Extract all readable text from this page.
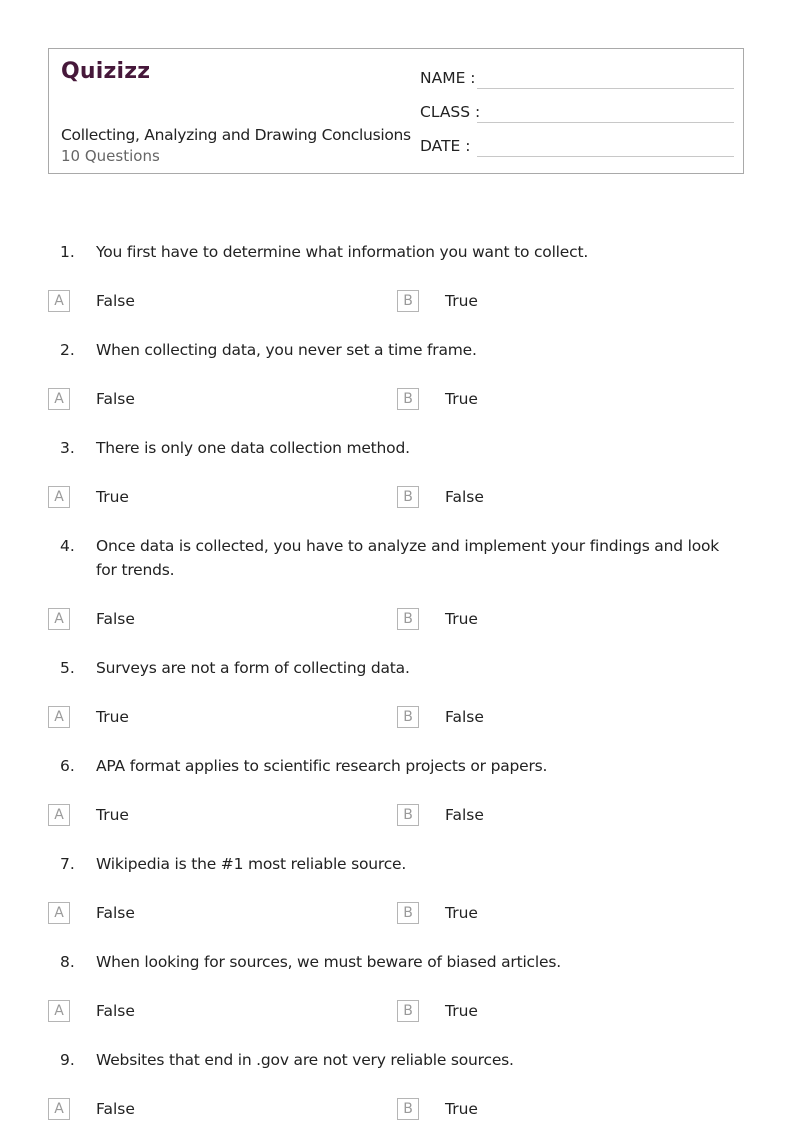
Quizizz
Collecting, Analyzing and Drawing Conclusions
10 Questions
NAME :
CLASS :
DATE :
1. You first have to determine what information you want to collect.
A	False	B	True
2. When collecting data, you never set a time frame.
A	False	B	True
3. There is only one data collection method.
A	True	B	False
4. Once data is collected, you have to analyze and implement your findings and look for trends.
A	False	B	True
5. Surveys are not a form of collecting data.
A	True	B	False
6. APA format applies to scientific research projects or papers.
A	True	B	False
7. Wikipedia is the #1 most reliable source.
A	False	B	True
8. When looking for sources, we must beware of biased articles.
A	False	B	True
9. Websites that end in .gov are not very reliable sources.
A	False	B	True
